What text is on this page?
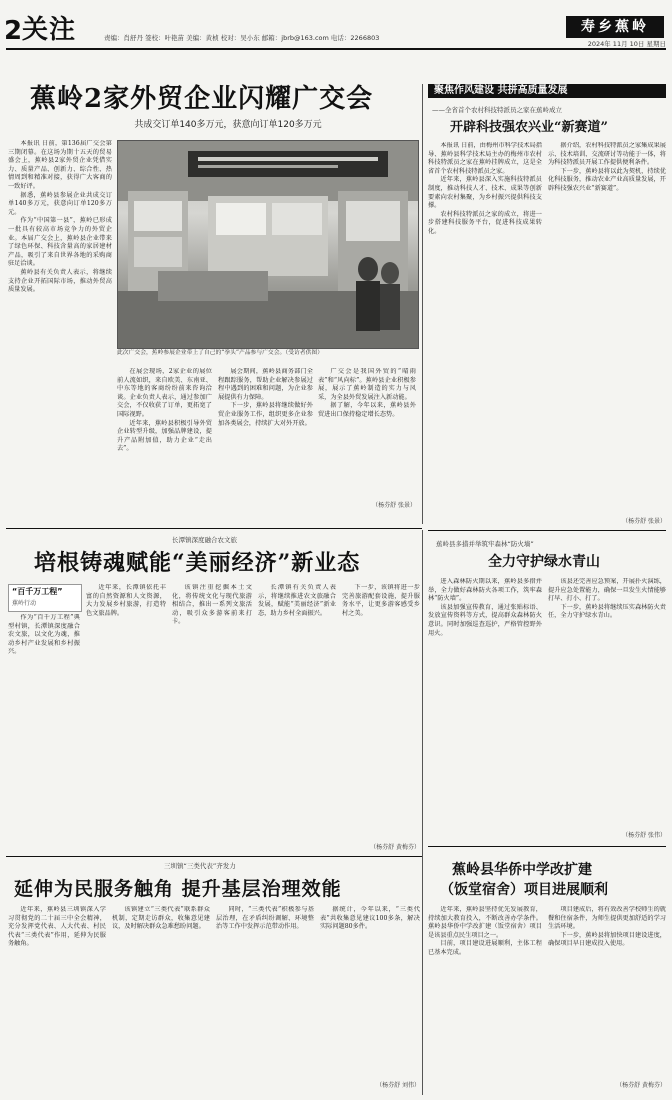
2 关注	责编：肖舒丹 签校：叶艳苗 美编：黄桢 校对：吴小东 邮箱：jbrb@163.com 电话：2266803
寿乡蕉岭
2024年 11月 10日 星期日
蕉岭2家外贸企业闪耀广交会
共成交订单140多万元，获意向订单120多万元

本报讯 日前，第136届广交会第三期闭幕。在这场为期十五天的贸易盛会上，蕉岭县2家外贸企业凭借实力、质量产品、创新力、综合性、热情周到和精准对接，获得广大客商的一致好评。

据悉，蕉岭县参展企业共成交订单140多万元，获意向订单120多万元。

作为“中国第一县”，蕉岭已形成一批具有较高市场竞争力的外贸企业。本届广交会上，蕉岭县企业带来了绿色环保、科技含量高的家居建材产品，吸引了来自世界各地的采购商驻足洽谈。

蕉岭县有关负责人表示，将继续支持企业开拓国际市场，推动外贸高质量发展。

此次广交会，蕉岭参展企业带上了自己的“拳头”产品参与广交会。（受访者供图）

在展会现场，2家企业的展位前人流如织，来自欧美、东南亚、中东等地的客商纷纷前来咨询洽谈。企业负责人表示，通过参加广交会，不仅收获了订单，更拓宽了国际视野。

近年来，蕉岭县积极引导外贸企业转型升级，加强品牌建设，提升产品附加值，助力企业“走出去”。

展会期间，蕉岭县商务部门全程跟踪服务，帮助企业解决参展过程中遇到的困难和问题，为企业参展提供有力保障。

下一步，蕉岭县将继续做好外贸企业服务工作，组织更多企业参加各类展会，持续扩大对外开放。

广交会是我国外贸的“晴雨表”和“风向标”。蕉岭县企业积极参展，展示了蕉岭制造的实力与风采，为全县外贸发展注入新动能。

据了解，今年以来，蕉岭县外贸进出口保持稳定增长态势。

（杨芬舒 张景）
聚焦作风建设 共拼高质量发展
——全省首个农村科技特派员之家在蕉岭成立
开辟科技强农兴业“新赛道”

本报讯 日前，由梅州市科学技术局指导、蕉岭县科学技术局主办的梅州市农村科技特派员之家在蕉岭挂牌成立，这是全省首个农村科技特派员之家。

近年来，蕉岭县深入实施科技特派员制度，推动科技人才、技术、成果等创新要素向农村集聚，为乡村振兴提供科技支撑。

农村科技特派员之家的成立，将进一步搭建科技服务平台，促进科技成果转化。

据介绍，农村科技特派员之家集成果展示、技术培训、交流研讨等功能于一体，将为科技特派员开展工作提供便利条件。

下一步，蕉岭县将以此为契机，持续优化科技服务，推动农业产业高质量发展，开辟科技强农兴业“新赛道”。

（杨芬舒 张景）
蕉岭县多措并举筑牢森林“防火墙”
全力守护绿水青山

进入森林防火期以来，蕉岭县多措并举，全力做好森林防火各项工作，筑牢森林“防火墙”。

该县加强宣传教育，通过张贴标语、发放宣传资料等方式，提高群众森林防火意识。同时加强巡查巡护，严格管控野外用火。

该县还完善应急预案，开展扑火演练，提升应急处置能力，确保一旦发生火情能够打早、打小、打了。

下一步，蕉岭县将继续压实森林防火责任，全力守护绿水青山。

（杨芬舒 张伟）
长潭镇深度融合农文旅
培根铸魂赋能“美丽经济”新业态
“百千万工程”
蕉岭行动

作为“百千万工程”典型村镇，长潭镇深度融合农文旅，以文化为魂，推动乡村产业发展和乡村振兴。

近年来，长潭镇依托丰富的自然资源和人文资源，大力发展乡村旅游，打造特色文旅品牌。

该镇注重挖掘本土文化，将传统文化与现代旅游相结合，推出一系列文旅活动，吸引众多游客前来打卡。

长潭镇有关负责人表示，将继续推进农文旅融合发展，赋能“美丽经济”新业态，助力乡村全面振兴。

下一步，该镇将进一步完善旅游配套设施，提升服务水平，让更多游客感受乡村之美。

（杨芬舒 黄梅芬）
三圳镇“三类代表”齐发力
延伸为民服务触角 提升基层治理效能

近年来，蕉岭县三圳镇深入学习贯彻党的二十届三中全会精神，充分发挥党代表、人大代表、村民代表“三类代表”作用，延伸为民服务触角。

该镇建立“三类代表”联系群众机制，定期走访群众，收集意见建议，及时解决群众急难愁盼问题。

同时，“三类代表”积极参与基层治理，在矛盾纠纷调解、环境整治等工作中发挥示范带动作用。

据统计，今年以来，“三类代表”共收集意见建议100多条，解决实际问题80多件。

（杨芬舒 刘伟）
蕉岭县华侨中学改扩建
（饭堂宿舍）项目进展顺利

近年来，蕉岭县坚持优先发展教育，持续加大教育投入，不断改善办学条件。蕉岭县华侨中学改扩建（饭堂宿舍）项目是该县重点民生项目之一。

目前，项目建设进展顺利，主体工程已基本完成。

项目建成后，将有效改善学校师生的就餐和住宿条件，为师生提供更加舒适的学习生活环境。

下一步，蕉岭县将加快项目建设进度，确保项目早日建成投入使用。

（杨芬舒 黄梅芬）
